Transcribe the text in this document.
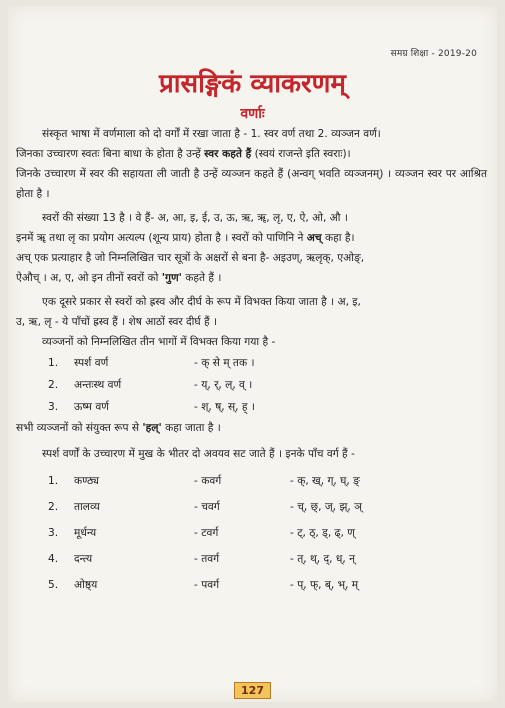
समग्र शिक्षा - 2019-20
प्रासङ्गिकं व्याकरणम्
वर्णाः
संस्कृत भाषा में वर्णमाला को दो वर्गों में रखा जाता है - 1. स्वर वर्ण तथा 2. व्यञ्जन वर्ण।
जिनका उच्चारण स्वतः बिना बाधा के होता है उन्हें स्वर कहते हैं (स्वयं राजन्ते इति स्वराः)।
जिनके उच्चारण में स्वर की सहायता ली जाती है उन्हें व्यञ्जन कहते हैं (अन्वग् भवति व्यञ्जनम्) । व्यञ्जन स्वर पर आश्रित होता है ।
स्वरों की संख्या 13 है । वे हैं- अ, आ, इ, ई, उ, ऊ, ऋ, ॠ, लृ, ए, ऐ, ओ, औ ।
इनमें ॠ तथा लृ का प्रयोग अत्यल्प (शून्य प्राय) होता है । स्वरों को पाणिनि ने अच् कहा है।
अच् एक प्रत्याहार है जो निम्नलिखित चार सूत्रों के अक्षरों से बना है- अइउण्, ऋलृक्, एओङ्,
ऐऔच् । अ, ए, ओ इन तीनों स्वरों को 'गुण' कहते हैं ।
एक दूसरे प्रकार से स्वरों को ह्रस्व और दीर्घ के रूप में विभक्त किया जाता है । अ, इ,
उ, ऋ, लृ - ये पाँचों ह्रस्व हैं । शेष आठों स्वर दीर्घ हैं ।
व्यञ्जनों को निम्नलिखित तीन भागों में विभक्त किया गया है -
1.	स्पर्श वर्ण	- क् से म् तक ।
2.	अन्तःस्थ वर्ण	- य्, र्, ल्, व् ।
3.	ऊष्म वर्ण	- श्, ष्, स्, ह् ।
सभी व्यञ्जनों को संयुक्त रूप से 'हल्' कहा जाता है ।
स्पर्श वर्णों के उच्चारण में मुख के भीतर दो अवयव सट जाते हैं । इनके पाँच वर्ग हैं -
1.	कण्ठ्य	- कवर्ग	- क्, ख्, ग्, घ्, ङ्
2.	तालव्य	- चवर्ग	- च्, छ्, ज्, झ्, ञ्
3.	मूर्धन्य	- टवर्ग	- ट्, ठ्, ड्, ढ्, ण्
4.	दन्त्य	- तवर्ग	- त्, थ्, द्, ध्, न्
5.	ओष्ठ्य	- पवर्ग	- प्, फ्, ब्, भ्, म्
127
